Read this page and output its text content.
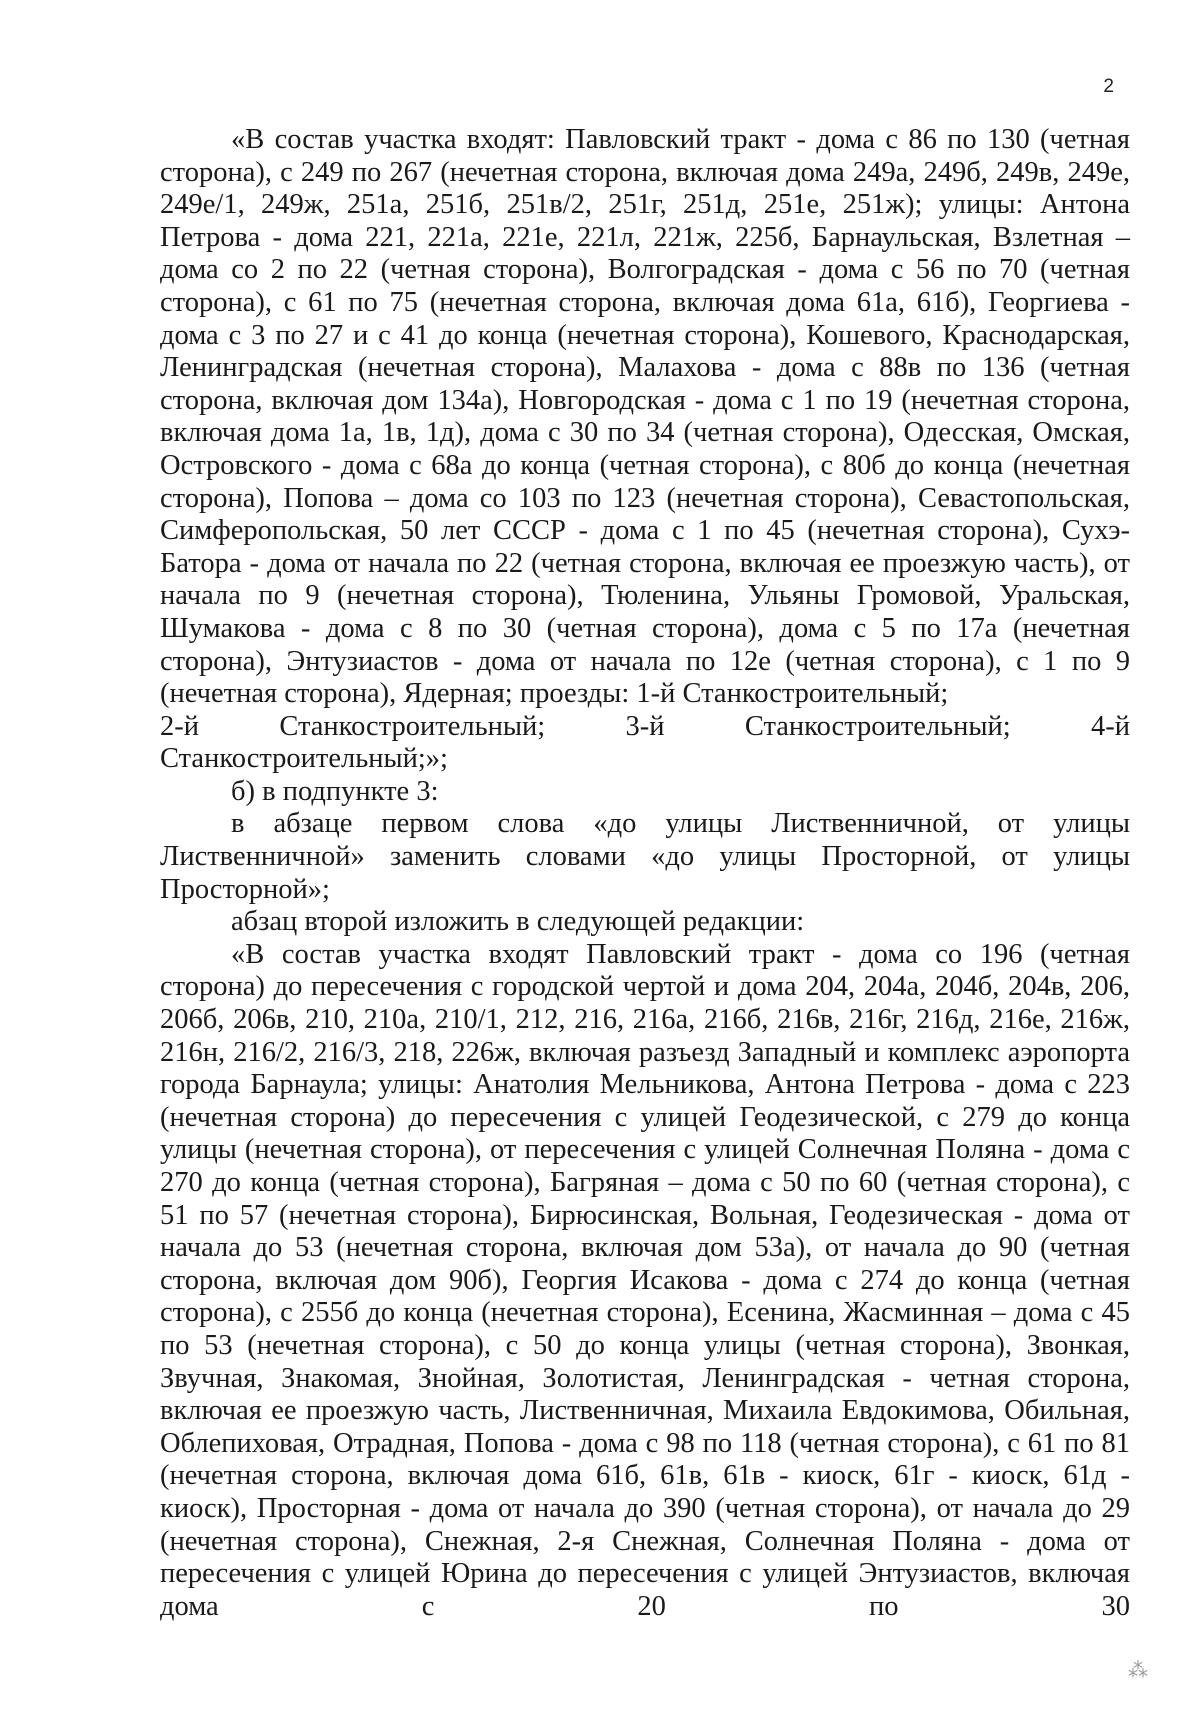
2

«В состав участка входят: Павловский тракт - дома с 86 по 130 (четная сторона), с 249 по 267 (нечетная сторона, включая дома 249а, 249б, 249в, 249е, 249е/1, 249ж, 251а, 251б, 251в/2, 251г, 251д, 251е, 251ж); улицы: Антона Петрова - дома 221, 221а, 221е, 221л, 221ж, 225б, Барнаульская, Взлетная – дома со 2 по 22 (четная сторона), Волгоградская - дома с 56 по 70 (четная сторона), с 61 по 75 (нечетная сторона, включая дома 61а, 61б), Георгиева - дома с 3 по 27 и с 41 до конца (нечетная сторона), Кошевого, Краснодарская, Ленинградская (нечетная сторона), Малахова - дома с 88в по 136 (четная сторона, включая дом 134а), Новгородская - дома с 1 по 19 (нечетная сторона, включая дома 1а, 1в, 1д), дома с 30 по 34 (четная сторона), Одесская, Омская, Островского - дома с 68а до конца (четная сторона), с 80б до конца (нечетная сторона), Попова – дома со 103 по 123 (нечетная сторона), Севастопольская, Симферопольская, 50 лет СССР - дома с 1 по 45 (нечетная сторона), Сухэ-Батора - дома от начала по 22 (четная сторона, включая ее проезжую часть), от начала по 9 (нечетная сторона), Тюленина, Ульяны Громовой, Уральская, Шумакова - дома с 8 по 30 (четная сторона), дома с 5 по 17а (нечетная сторона), Энтузиастов - дома от начала по 12е (четная сторона), с 1 по 9 (нечетная сторона), Ядерная; проезды: 1-й Станкостроительный;

2-й Станкостроительный; 3-й Станкостроительный; 4-й Станкостроительный;»;

б) в подпункте 3:

в абзаце первом слова «до улицы Лиственничной, от улицы Лиственничной» заменить словами «до улицы Просторной, от улицы Просторной»;

абзац второй изложить в следующей редакции:

«В состав участка входят Павловский тракт - дома со 196 (четная сторона) до пересечения с городской чертой и дома 204, 204а, 204б, 204в, 206, 206б, 206в, 210, 210а, 210/1, 212, 216, 216а, 216б, 216в, 216г, 216д, 216е, 216ж, 216н, 216/2, 216/3, 218, 226ж, включая разъезд Западный и комплекс аэропорта города Барнаула; улицы: Анатолия Мельникова, Антона Петрова - дома с 223 (нечетная сторона) до пересечения с улицей Геодезической, с 279 до конца улицы (нечетная сторона), от пересечения с улицей Солнечная Поляна - дома с 270 до конца (четная сторона), Багряная – дома с 50 по 60 (четная сторона), с 51 по 57 (нечетная сторона), Бирюсинская, Вольная, Геодезическая - дома от начала до 53 (нечетная сторона, включая дом 53а), от начала до 90 (четная сторона, включая дом 90б), Георгия Исакова - дома с 274 до конца (четная сторона), с 255б до конца (нечетная сторона), Есенина, Жасминная – дома с 45 по 53 (нечетная сторона), с 50 до конца улицы (четная сторона), Звонкая, Звучная, Знакомая, Знойная, Золотистая, Ленинградская - четная сторона, включая ее проезжую часть, Лиственничная, Михаила Евдокимова, Обильная, Облепиховая, Отрадная, Попова - дома с 98 по 118 (четная сторона), с 61 по 81 (нечетная сторона, включая дома 61б, 61в, 61в - киоск, 61г - киоск, 61д - киоск), Просторная - дома от начала до 390 (четная сторона), от начала до 29 (нечетная сторона), Снежная, 2-я Снежная, Солнечная Поляна - дома от пересечения с улицей Юрина до пересечения с улицей Энтузиастов, включая дома с 20 по 30

⁂
